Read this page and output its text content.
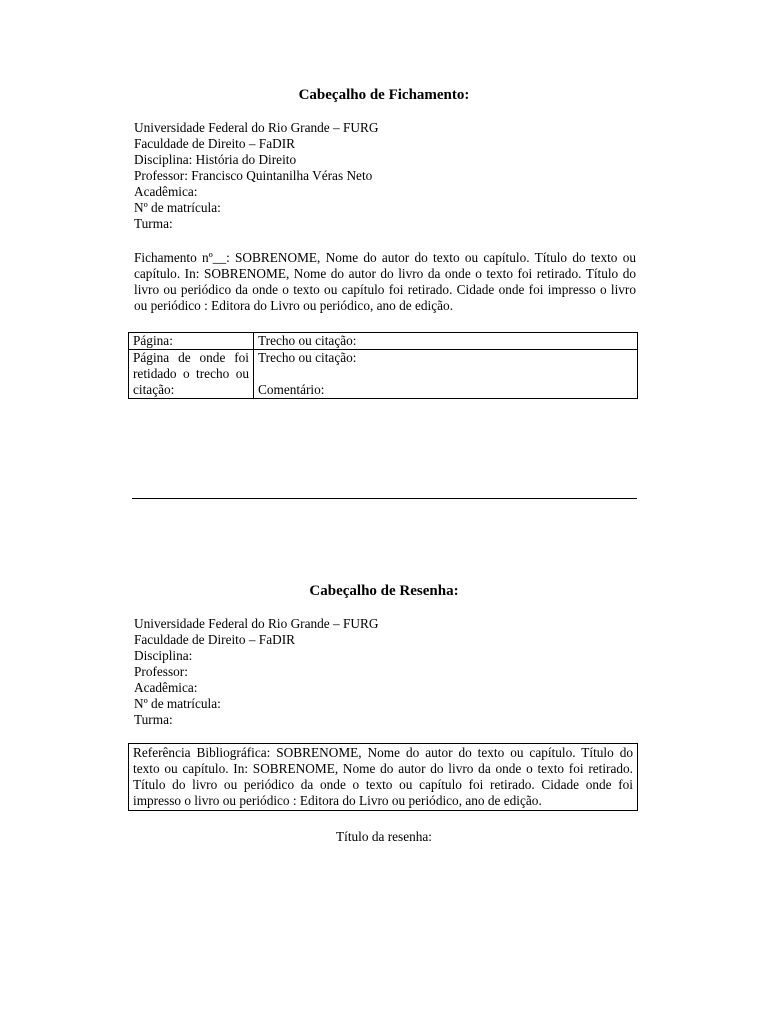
Cabeçalho de Fichamento:
Universidade Federal do Rio Grande – FURG
Faculdade de Direito – FaDIR
Disciplina: História do Direito
Professor: Francisco Quintanilha Véras Neto
Acadêmica:
Nº de matrícula:
Turma:
Fichamento nº__: SOBRENOME, Nome do autor do texto ou capítulo. Título do texto ou capítulo. In: SOBRENOME, Nome do autor do livro da onde o texto foi retirado. Título do livro ou periódico da onde o texto ou capítulo foi retirado. Cidade onde foi impresso o livro ou periódico : Editora do Livro ou periódico, ano de edição.
Página:	Trecho ou citação:
Página de onde foi retidado o trecho ou citação:	Trecho ou citação:
Comentário:
Cabeçalho de Resenha:
Universidade Federal do Rio Grande – FURG
Faculdade de Direito – FaDIR
Disciplina:
Professor:
Acadêmica:
Nº de matrícula:
Turma:
Referência Bibliográfica: SOBRENOME, Nome do autor do texto ou capítulo. Título do texto ou capítulo. In: SOBRENOME, Nome do autor do livro da onde o texto foi retirado. Título do livro ou periódico da onde o texto ou capítulo foi retirado. Cidade onde foi impresso o livro ou periódico : Editora do Livro ou periódico, ano de edição.
Título da resenha:
